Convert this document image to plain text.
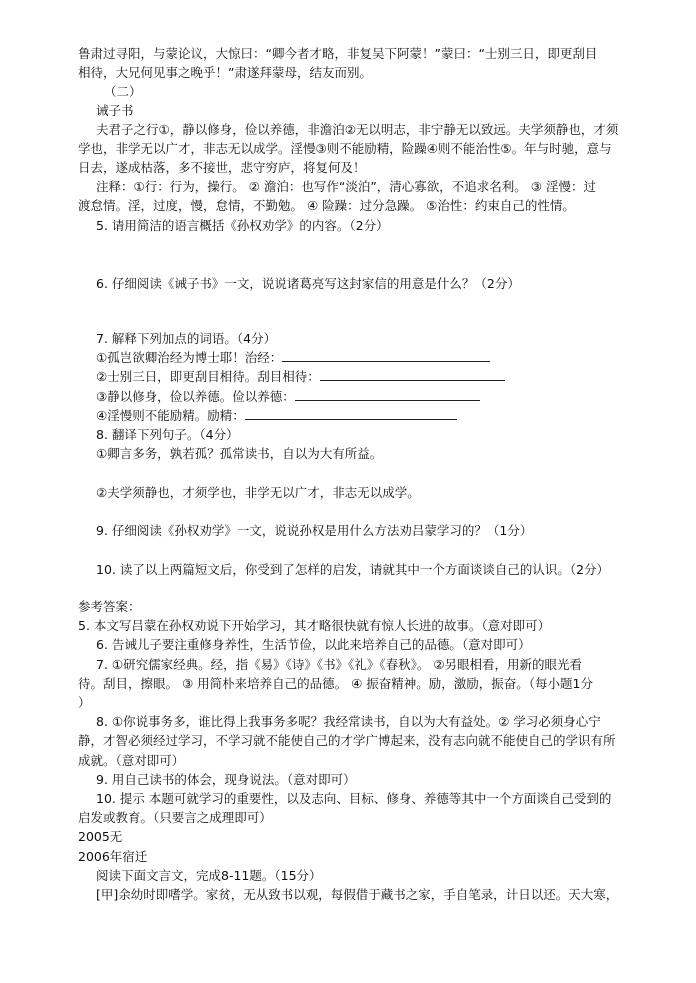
鲁肃过寻阳，与蒙论议，大惊曰：“卿今者才略，非复吴下阿蒙！”蒙曰：“士别三日，即更刮目
相待，大兄何见事之晚乎！”肃遂拜蒙母，结友而别。
（二）
诫子书
夫君子之行①，静以修身，俭以养德，非澹泊②无以明志，非宁静无以致远。夫学须静也，才须
学也，非学无以广才，非志无以成学。淫慢③则不能励精，险躁④则不能治性⑤。年与时驰，意与
日去，遂成枯落，多不接世，悲守穷庐，将复何及！
注释：①行：行为，操行。 ② 澹泊：也写作“淡泊”，清心寡欲，不追求名利。 ③ 淫慢：过
渡怠情。淫，过度，慢，怠情，不勤勉。 ④ 险躁：过分急躁。 ⑤治性：约束自己的性情。
5. 请用简洁的语言概括《孙权劝学》的内容。（2分）
6. 仔细阅读《诫子书》一文，说说诸葛亮写这封家信的用意是什么？（2分）
7. 解释下列加点的词语。（4分）
①孤岂欲卿治经为博士耶！治经：
②士别三日，即更刮目相待。刮目相待：
③静以修身，俭以养德。俭以养德：
④淫慢则不能励精。励精：
8. 翻译下列句子。（4分）
①卿言多务，孰若孤？孤常读书，自以为大有所益。
②夫学须静也，才须学也，非学无以广才，非志无以成学。
9. 仔细阅读《孙权劝学》一文，说说孙权是用什么方法劝吕蒙学习的？（1分）
10. 读了以上两篇短文后，你受到了怎样的启发，请就其中一个方面谈谈自己的认识。（2分）
参考答案：
5. 本文写吕蒙在孙权劝说下开始学习，其才略很快就有惊人长进的故事。（意对即可）
6. 告诫儿子要注重修身养性，生活节俭，以此来培养自己的品德。（意对即可）
7. ①研究儒家经典。经，指《易》《诗》《书》《礼》《春秋》。 ②另眼相看，用新的眼光看
待。刮目，擦眼。 ③ 用简朴来培养自己的品德。 ④ 振奋精神。励，激励，振奋。（每小题1分
）
8. ①你说事务多，谁比得上我事务多呢？我经常读书，自以为大有益处。② 学习必须身心宁
静，才智必须经过学习，不学习就不能使自己的才学广博起来，没有志向就不能使自己的学识有所
成就。（意对即可）
9. 用自己读书的体会，现身说法。（意对即可）
10. 提示 本题可就学习的重要性，以及志向、目标、修身、养德等其中一个方面谈自己受到的
启发或教育。（只要言之成理即可）
2005无
2006年宿迁
阅读下面文言文，完成8-11题。（15分）
[甲]余幼时即嗜学。家贫，无从致书以观，每假借于藏书之家，手自笔录，计日以还。天大寒，
